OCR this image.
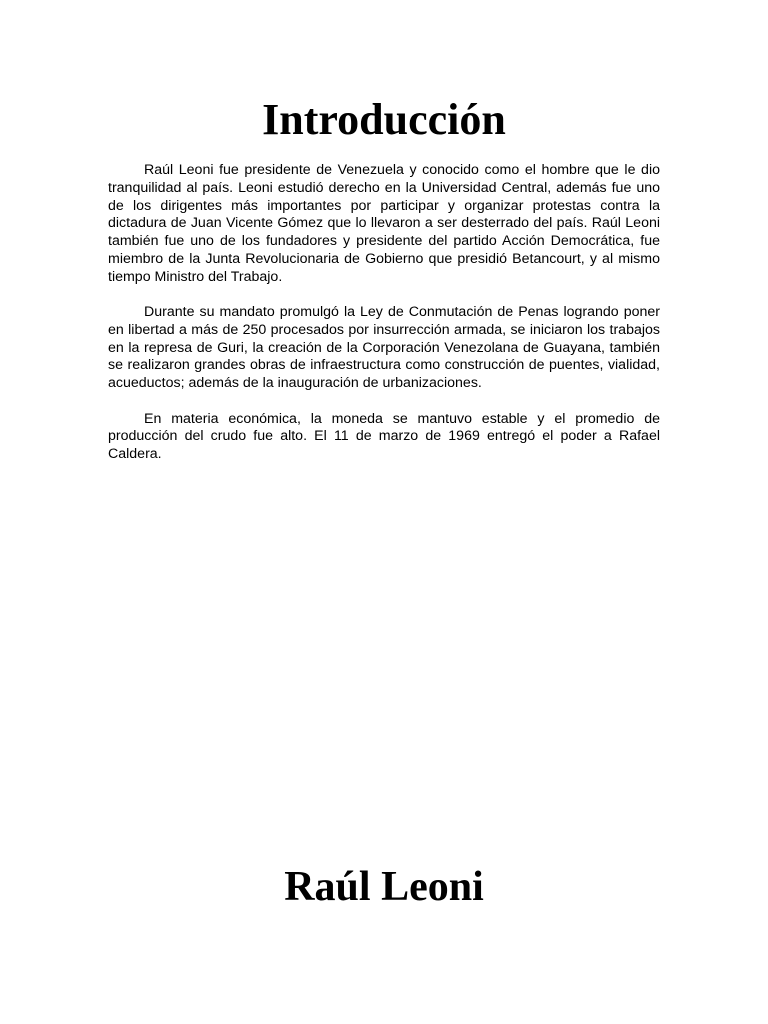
Introducción

Raúl Leoni fue presidente de Venezuela y conocido como el hombre que le dio tranquilidad al país. Leoni estudió derecho en la Universidad Central, además fue uno de los dirigentes más importantes por participar y organizar protestas contra la dictadura de Juan Vicente Gómez que lo llevaron a ser desterrado del país. Raúl Leoni también fue uno de los fundadores y presidente del partido Acción Democrática, fue miembro de la Junta Revolucionaria de Gobierno que presidió Betancourt, y al mismo tiempo Ministro del Trabajo.

Durante su mandato promulgó la Ley de Conmutación de Penas logrando poner en libertad a más de 250 procesados por insurrección armada, se iniciaron los trabajos en la represa de Guri, la creación de la Corporación Venezolana de Guayana, también se realizaron grandes obras de infraestructura como construcción de puentes, vialidad, acueductos; además de la inauguración de urbanizaciones.

En materia económica, la moneda se mantuvo estable y el promedio de producción del crudo fue alto. El 11 de marzo de 1969 entregó el poder a Rafael Caldera.

Raúl Leoni
